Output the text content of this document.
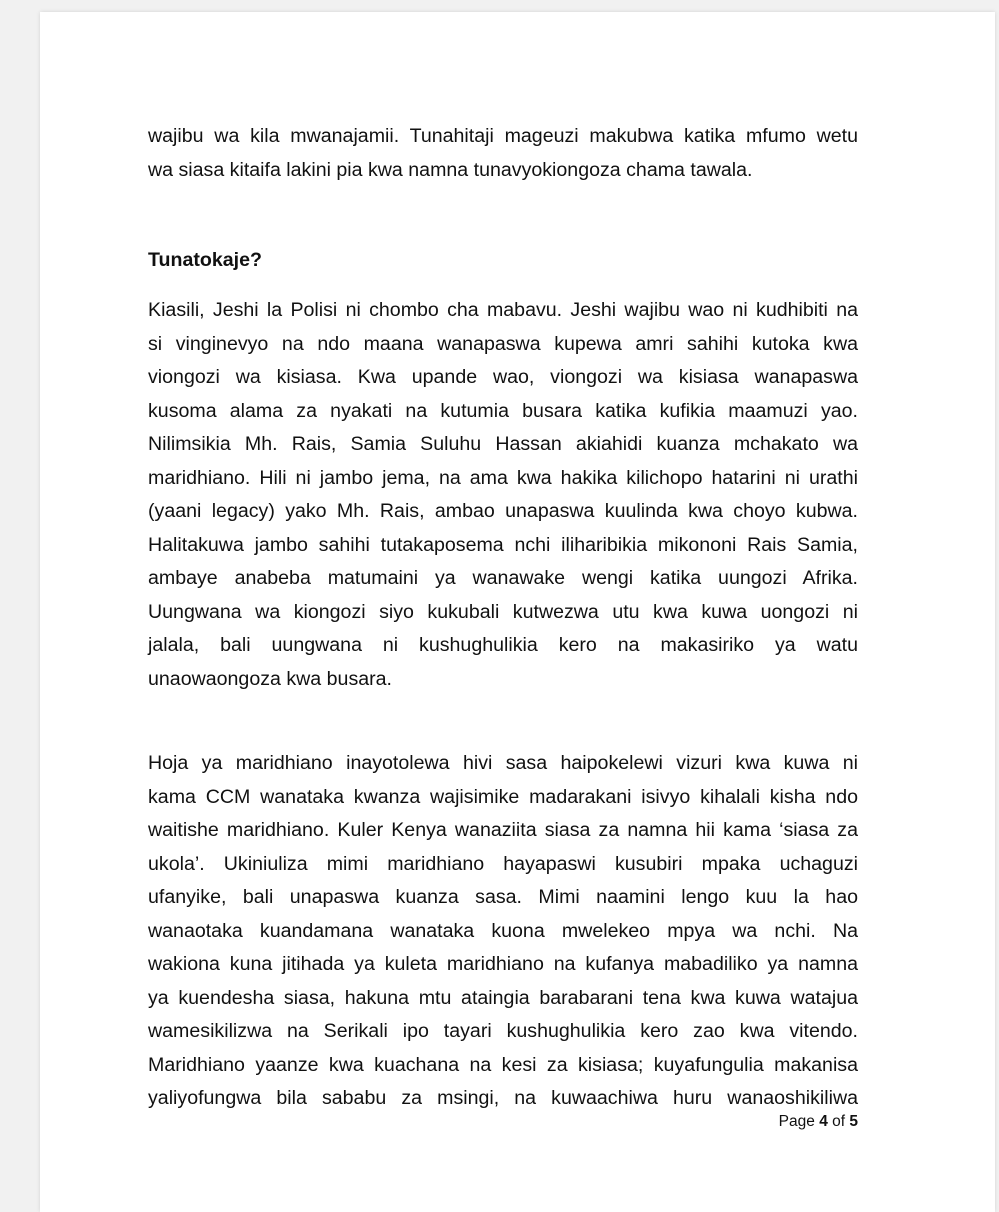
wajibu wa kila mwanajamii. Tunahitaji mageuzi makubwa katika mfumo wetu
wa siasa kitaifa lakini pia kwa namna tunavyokiongoza chama tawala.

Tunatokaje?

Kiasili, Jeshi la Polisi ni chombo cha mabavu. Jeshi wajibu wao ni kudhibiti na
si vinginevyo na ndo maana wanapaswa kupewa amri sahihi kutoka kwa
viongozi wa kisiasa. Kwa upande wao, viongozi wa kisiasa wanapaswa
kusoma alama za nyakati na kutumia busara katika kufikia maamuzi yao.
Nilimsikia Mh. Rais, Samia Suluhu Hassan akiahidi kuanza mchakato wa
maridhiano. Hili ni jambo jema, na ama kwa hakika kilichopo hatarini ni urathi
(yaani legacy) yako Mh. Rais, ambao unapaswa kuulinda kwa choyo kubwa.
Halitakuwa jambo sahihi tutakaposema nchi iliharibikia mikononi Rais Samia,
ambaye anabeba matumaini ya wanawake wengi katika uungozi Afrika.
Uungwana wa kiongozi siyo kukubali kutwezwa utu kwa kuwa uongozi ni
jalala, bali uungwana ni kushughulikia kero na makasiriko ya watu
unaowaongoza kwa busara.

Hoja ya maridhiano inayotolewa hivi sasa haipokelewi vizuri kwa kuwa ni
kama CCM wanataka kwanza wajisimike madarakani isivyo kihalali kisha ndo
waitishe maridhiano. Kuler Kenya wanaziita siasa za namna hii kama ‘siasa za
ukola’. Ukiniuliza mimi maridhiano hayapaswi kusubiri mpaka uchaguzi
ufanyike, bali unapaswa kuanza sasa. Mimi naamini lengo kuu la hao
wanaotaka kuandamana wanataka kuona mwelekeo mpya wa nchi. Na
wakiona kuna jitihada ya kuleta maridhiano na kufanya mabadiliko ya namna
ya kuendesha siasa, hakuna mtu ataingia barabarani tena kwa kuwa watajua
wamesikilizwa na Serikali ipo tayari kushughulikia kero zao kwa vitendo.
Maridhiano yaanze kwa kuachana na kesi za kisiasa; kuyafungulia makanisa
yaliyofungwa bila sababu za msingi, na kuwaachiwa huru wanaoshikiliwa

Page 4 of 5
